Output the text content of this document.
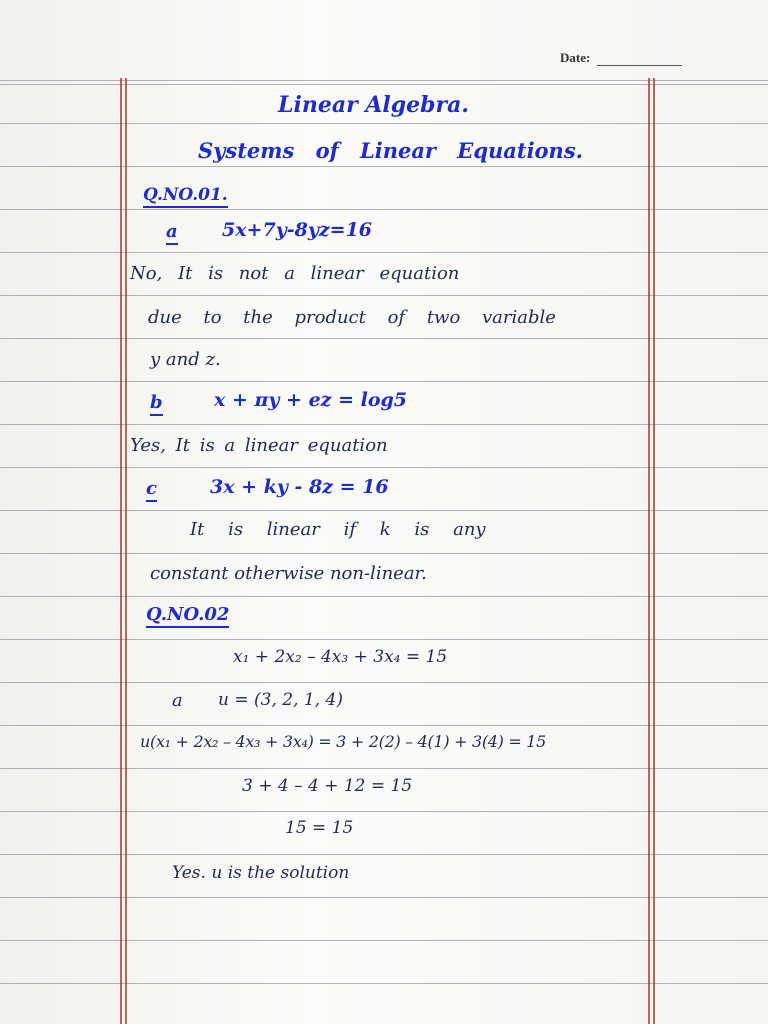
Date:
Linear Algebra.
Systems of Linear Equations.
Q.NO.01.
a 5x+7y-8yz=16
No, It is not a linear equation
due to the product of two variable
y and z.
b	x + πy + ez = log5
Yes, It is a linear equation
c	3x + ky - 8z = 16
It is linear if k is any
constant otherwise non-linear.
Q.NO.02
x₁ + 2x₂ – 4x₃ + 3x₄ = 15
a u = (3, 2, 1, 4)
u(x₁ + 2x₂ – 4x₃ + 3x₄) = 3 + 2(2) – 4(1) + 3(4) = 15
3 + 4 – 4 + 12 = 15
15 = 15
Yes. u is the solution
